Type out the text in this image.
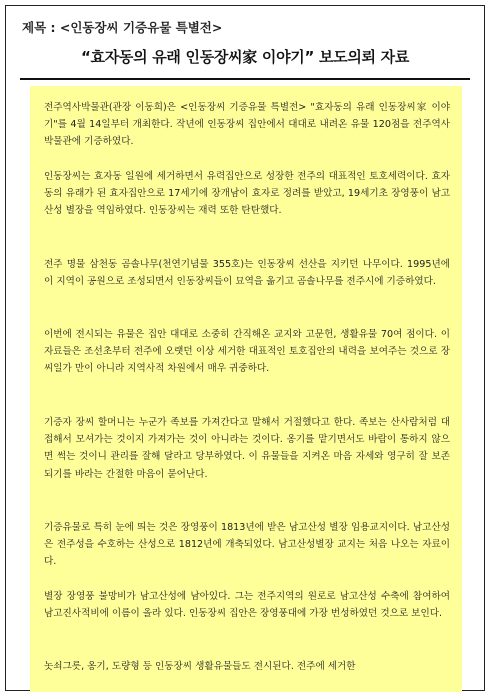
제목 : <인동장씨 기증유물 특별전>
“효자동의 유래 인동장씨家 이야기” 보도의뢰 자료
전주역사박물관(관장 이동희)은 <인동장씨 기증유물 특별전> "효자동의 유래 인동장씨家 이야기"를 4월 14일부터 개최한다. 작년에 인동장씨 집안에서 대대로 내려온 유물 120점을 전주역사박물관에 기증하였다.
인동장씨는 효자동 일원에 세거하면서 유력집안으로 성장한 전주의 대표적인 토호세력이다. 효자동의 유래가 된 효자집안으로 17세기에 장개남이 효자로 정려를 받았고, 19세기초 장영풍이 남고산성 별장을 역임하였다. 인동장씨는 재력 또한 탄탄했다.
전주 명물 삼천동 곰솔나무(천연기념물 355호)는 인동장씨 선산을 지키던 나무이다. 1995년에 이 지역이 공원으로 조성되면서 인동장씨들이 묘역을 옮기고 곰솔나무를 전주시에 기증하였다.
이번에 전시되는 유물은 집안 대대로 소중히 간직해온 교지와 고문헌, 생활유물 70여 점이다. 이 자료들은 조선초부터 전주에 오랫던 이상 세거한 대표적인 토호집안의 내력을 보여주는 것으로 장씨일가 만이 아니라 지역사적 차원에서 매우 귀중하다.
기증자 장씨 할머니는 누군가 족보를 가져간다고 말해서 거절했다고 한다. 족보는 산사람처럼 대접해서 모셔가는 것이지 가져가는 것이 아니라는 것이다. 옹기를 맡기면서도 바람이 통하지 않으면 썩는 것이니 관리를 잘해 달라고 당부하였다. 이 유물들을 지켜온 마음 자세와 영구히 잘 보존되기를 바라는 간절한 마음이 묻어난다.
기증유물로 특히 눈에 띄는 것은 장영풍이 1813년에 받은 남고산성 별장 임용교지이다. 남고산성은 전주성을 수호하는 산성으로 1812년에 개축되었다. 남고산성별장 교지는 처음 나오는 자료이다.
별장 장영풍 불망비가 남고산성에 남아있다. 그는 전주지역의 원로로 남고산성 수축에 참여하여 남고진사적비에 이름이 올라 있다. 인동장씨 집안은 장영풍대에 가장 번성하였던 것으로 보인다.
놋쇠그릇, 옹기, 도량형 등 인동장씨 생활유물들도 전시된다. 전주에 세거한
